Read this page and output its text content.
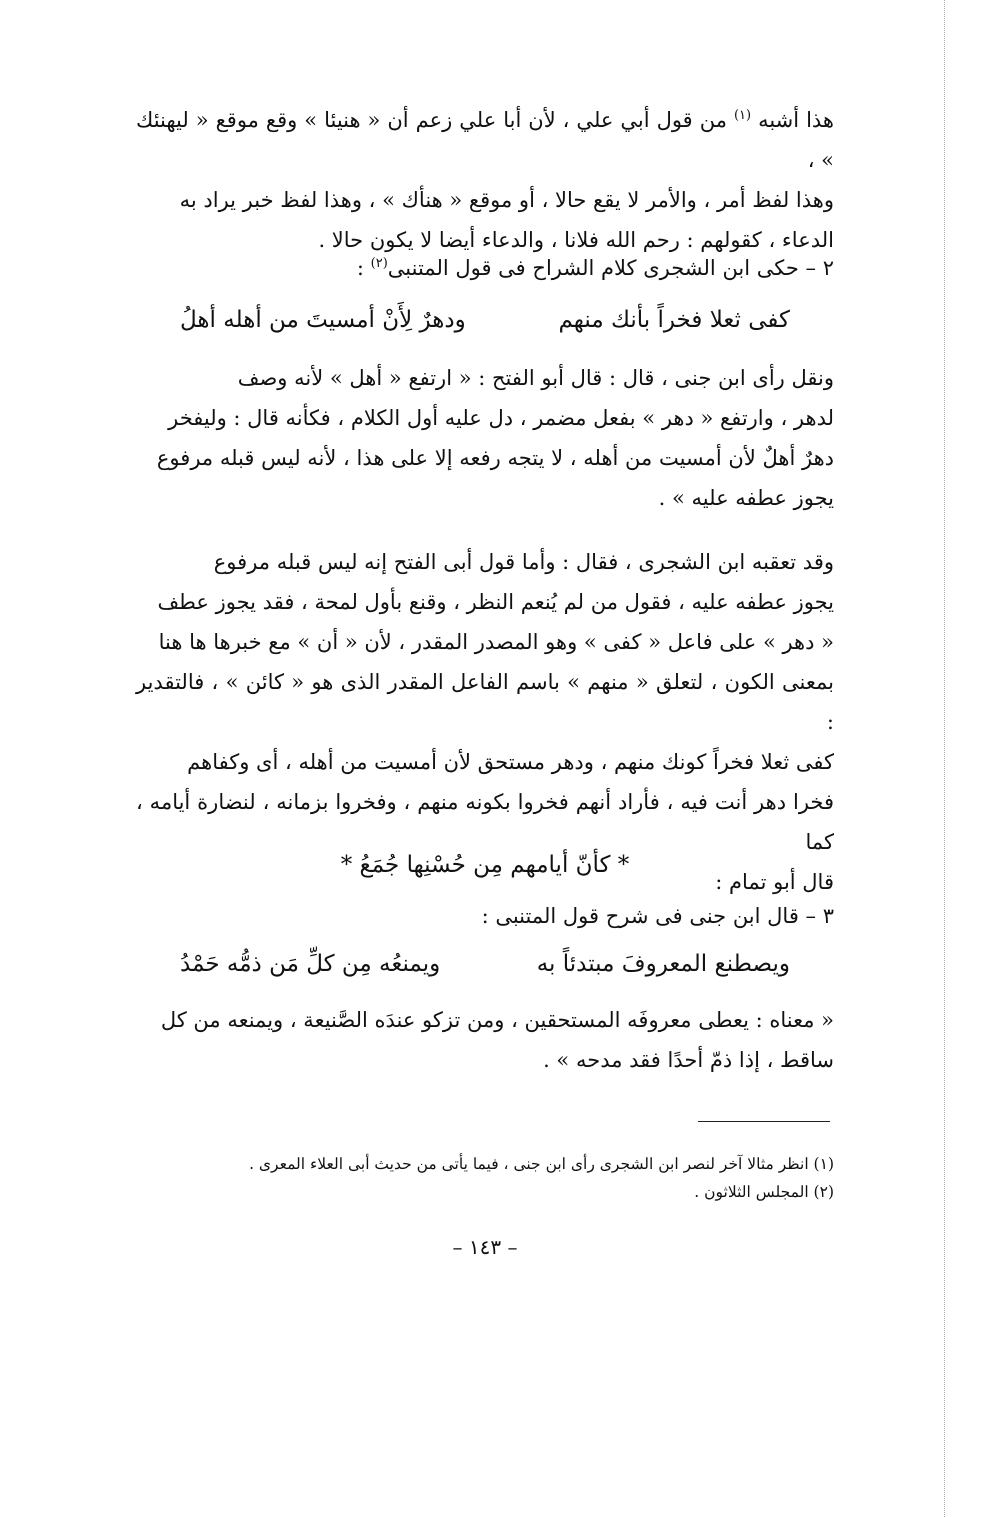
هذا أشبه $^{(١)}$ من قول أبي علي ، لأن أبا علي زعم أن « هنيئا » وقع موقع « ليهنئك » ،
وهذا لفظ أمر ، والأمر لا يقع حالا ، أو موقع « هنأك » ، وهذا لفظ خبر يراد به
الدعاء ، كقولهم : رحم الله فلانا ، والدعاء أيضا لا يكون حالا .
٢ – حكى ابن الشجرى كلام الشراح فى قول المتنبى$^{(٢)}$ :
كفى ثعلا فخراً بأنك منهم
ودهرٌ لِأَنْ أمسيتَ من أهله أهلُ
ونقل رأى ابن جنى ، قال : قال أبو الفتح : « ارتفع « أهل » لأنه وصف
لدهر ، وارتفع « دهر » بفعل مضمر ، دل عليه أول الكلام ، فكأنه قال : وليفخر
دهرٌ أهلٌ لأن أمسيت من أهله ، لا يتجه رفعه إلا على هذا ، لأنه ليس قبله مرفوع
يجوز عطفه عليه » .
وقد تعقبه ابن الشجرى ، فقال : وأما قول أبى الفتح إنه ليس قبله مرفوع
يجوز عطفه عليه ، فقول من لم يُنعم النظر ، وقنع بأول لمحة ، فقد يجوز عطف
« دهر » على فاعل « كفى » وهو المصدر المقدر ، لأن « أن » مع خبرها ها هنا
بمعنى الكون ، لتعلق « منهم » باسم الفاعل المقدر الذى هو « كائن » ، فالتقدير :
كفى ثعلا فخراً كونك منهم ، ودهر مستحق لأن أمسيت من أهله ، أى وكفاهم
فخرا دهر أنت فيه ، فأراد أنهم فخروا بكونه منهم ، وفخروا بزمانه ، لنضارة أيامه ، كما
قال أبو تمام :
* كأنّ أيامهم مِن حُسْنِها جُمَعُ *
٣ – قال ابن جنى فى شرح قول المتنبى :
ويصطنع المعروفَ مبتدئاً به
ويمنعُه مِن كلِّ مَن ذمُّه حَمْدُ
« معناه : يعطى معروفَه المستحقين ، ومن تزكو عندَه الصَّنيعة ، ويمنعه من كل
ساقط ، إذا ذمّ أحدًا فقد مدحه » .
(١) انظر مثالا آخر لنصر ابن الشجرى رأى ابن جنى ، فيما يأتى من حديث أبى العلاء المعرى .
(٢) المجلس الثلاثون .
– ١٤٣ –
